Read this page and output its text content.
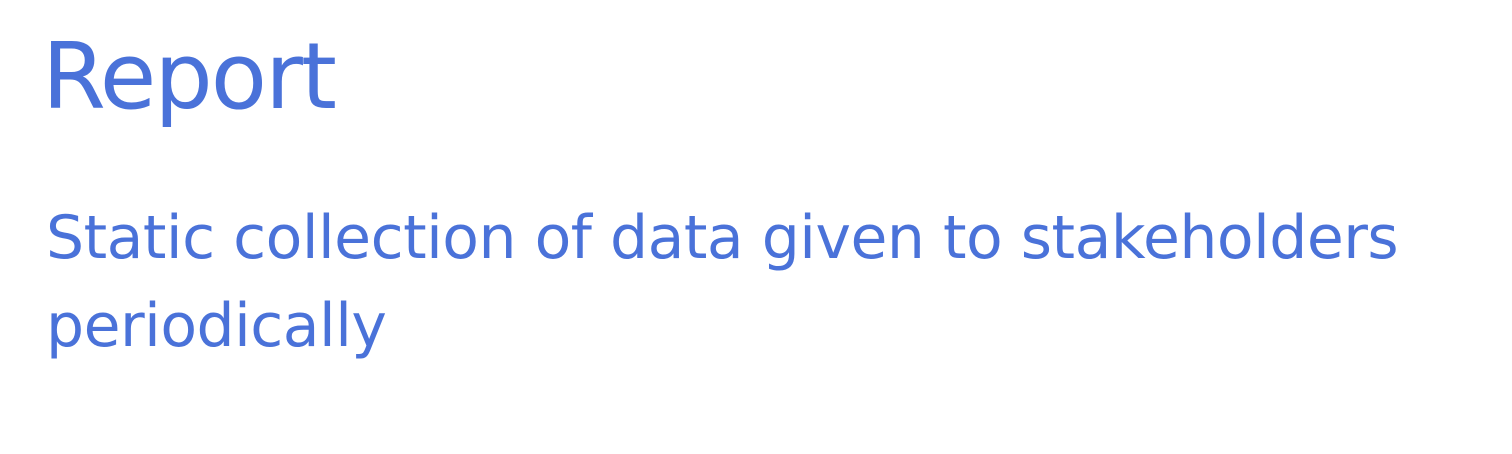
Report

Static collection of data given to stakeholders periodically
